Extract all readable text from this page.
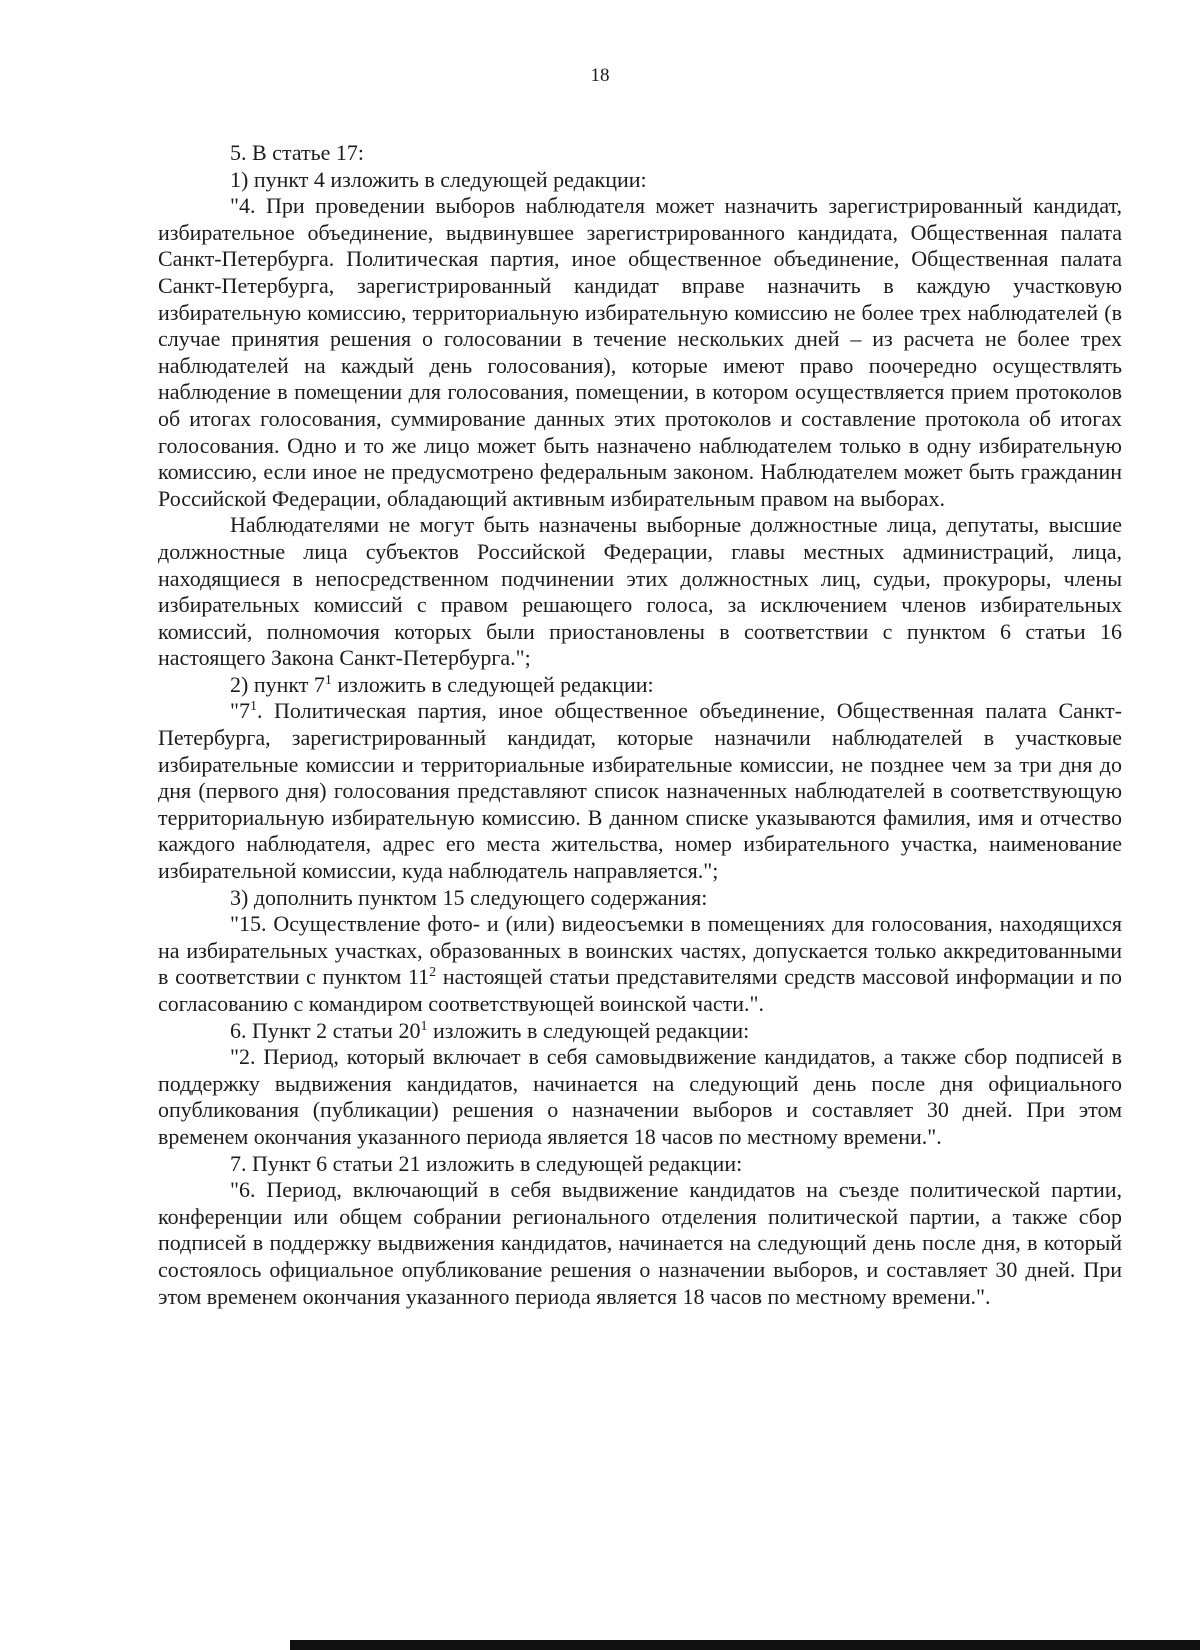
18

5. В статье 17:

1) пункт 4 изложить в следующей редакции:

"4. При проведении выборов наблюдателя может назначить зарегистрированный кандидат, избирательное объединение, выдвинувшее зарегистрированного кандидата, Общественная палата Санкт-Петербурга. Политическая партия, иное общественное объединение, Общественная палата Санкт-Петербурга, зарегистрированный кандидат вправе назначить в каждую участковую избирательную комиссию, территориальную избирательную комиссию не более трех наблюдателей (в случае принятия решения о голосовании в течение нескольких дней – из расчета не более трех наблюдателей на каждый день голосования), которые имеют право поочередно осуществлять наблюдение в помещении для голосования, помещении, в котором осуществляется прием протоколов об итогах голосования, суммирование данных этих протоколов и составление протокола об итогах голосования. Одно и то же лицо может быть назначено наблюдателем только в одну избирательную комиссию, если иное не предусмотрено федеральным законом. Наблюдателем может быть гражданин Российской Федерации, обладающий активным избирательным правом на выборах.

Наблюдателями не могут быть назначены выборные должностные лица, депутаты, высшие должностные лица субъектов Российской Федерации, главы местных администраций, лица, находящиеся в непосредственном подчинении этих должностных лиц, судьи, прокуроры, члены избирательных комиссий с правом решающего голоса, за исключением членов избирательных комиссий, полномочия которых были приостановлены в соответствии с пунктом 6 статьи 16 настоящего Закона Санкт-Петербурга.";

2) пункт $7^1$ изложить в следующей редакции:

"$7^1$. Политическая партия, иное общественное объединение, Общественная палата Санкт-Петербурга, зарегистрированный кандидат, которые назначили наблюдателей в участковые избирательные комиссии и территориальные избирательные комиссии, не позднее чем за три дня до дня (первого дня) голосования представляют список назначенных наблюдателей в соответствующую территориальную избирательную комиссию. В данном списке указываются фамилия, имя и отчество каждого наблюдателя, адрес его места жительства, номер избирательного участка, наименование избирательной комиссии, куда наблюдатель направляется.";

3) дополнить пунктом 15 следующего содержания:

"15. Осуществление фото- и (или) видеосъемки в помещениях для голосования, находящихся на избирательных участках, образованных в воинских частях, допускается только аккредитованными в соответствии с пунктом $11^2$ настоящей статьи представителями средств массовой информации и по согласованию с командиром соответствующей воинской части.".

6. Пункт 2 статьи $20^1$ изложить в следующей редакции:

"2. Период, который включает в себя самовыдвижение кандидатов, а также сбор подписей в поддержку выдвижения кандидатов, начинается на следующий день после дня официального опубликования (публикации) решения о назначении выборов и составляет 30 дней. При этом временем окончания указанного периода является 18 часов по местному времени.".

7. Пункт 6 статьи 21 изложить в следующей редакции:

"6. Период, включающий в себя выдвижение кандидатов на съезде политической партии, конференции или общем собрании регионального отделения политической партии, а также сбор подписей в поддержку выдвижения кандидатов, начинается на следующий день после дня, в который состоялось официальное опубликование решения о назначении выборов, и составляет 30 дней. При этом временем окончания указанного периода является 18 часов по местному времени.".
